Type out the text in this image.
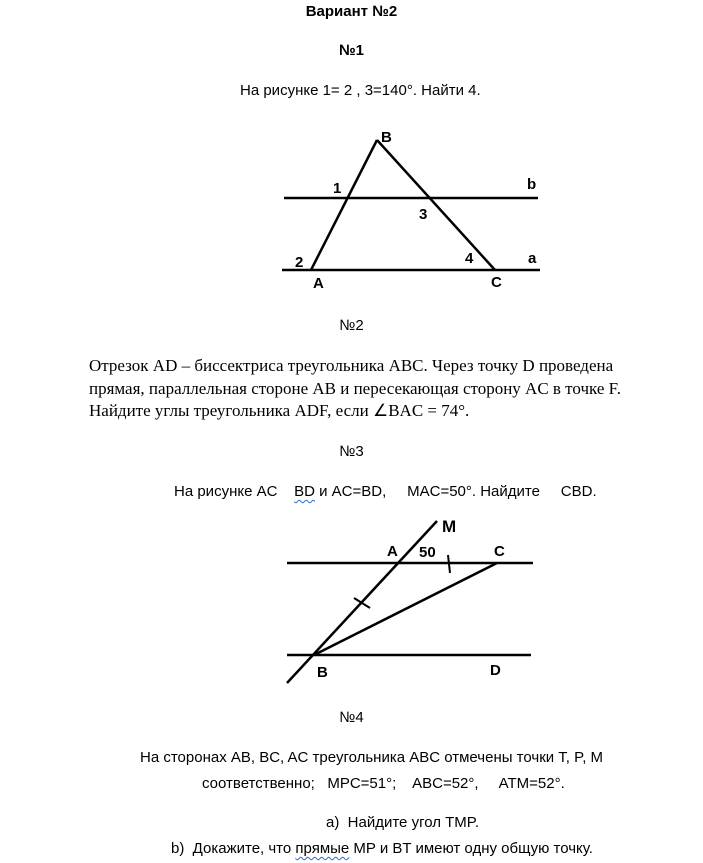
Вариант №2
№1
На рисунке 1= 2 , 3=140°. Найти 4.
B
1	b
3
2	4	a
A	C
M
A 50	C
B	D
№2
Отрезок AD – биссектриса треугольника ABC. Через точку D проведена
прямая, параллельная стороне AB и пересекающая сторону AC в точке F.
Найдите углы треугольника ADF, если ∠BAC = 74°.
№3
На рисунке AC    BD и AC=BD,     MAC=50°. Найдите     CBD.
№4
На сторонах AB, BC, AC треугольника ABC отмечены точки T, P, M
соответственно;   MPC=51°;    ABC=52°,     ATM=52°.
a)  Найдите угол TMP.
b)  Докажите, что прямые MP и BT имеют одну общую точку.
